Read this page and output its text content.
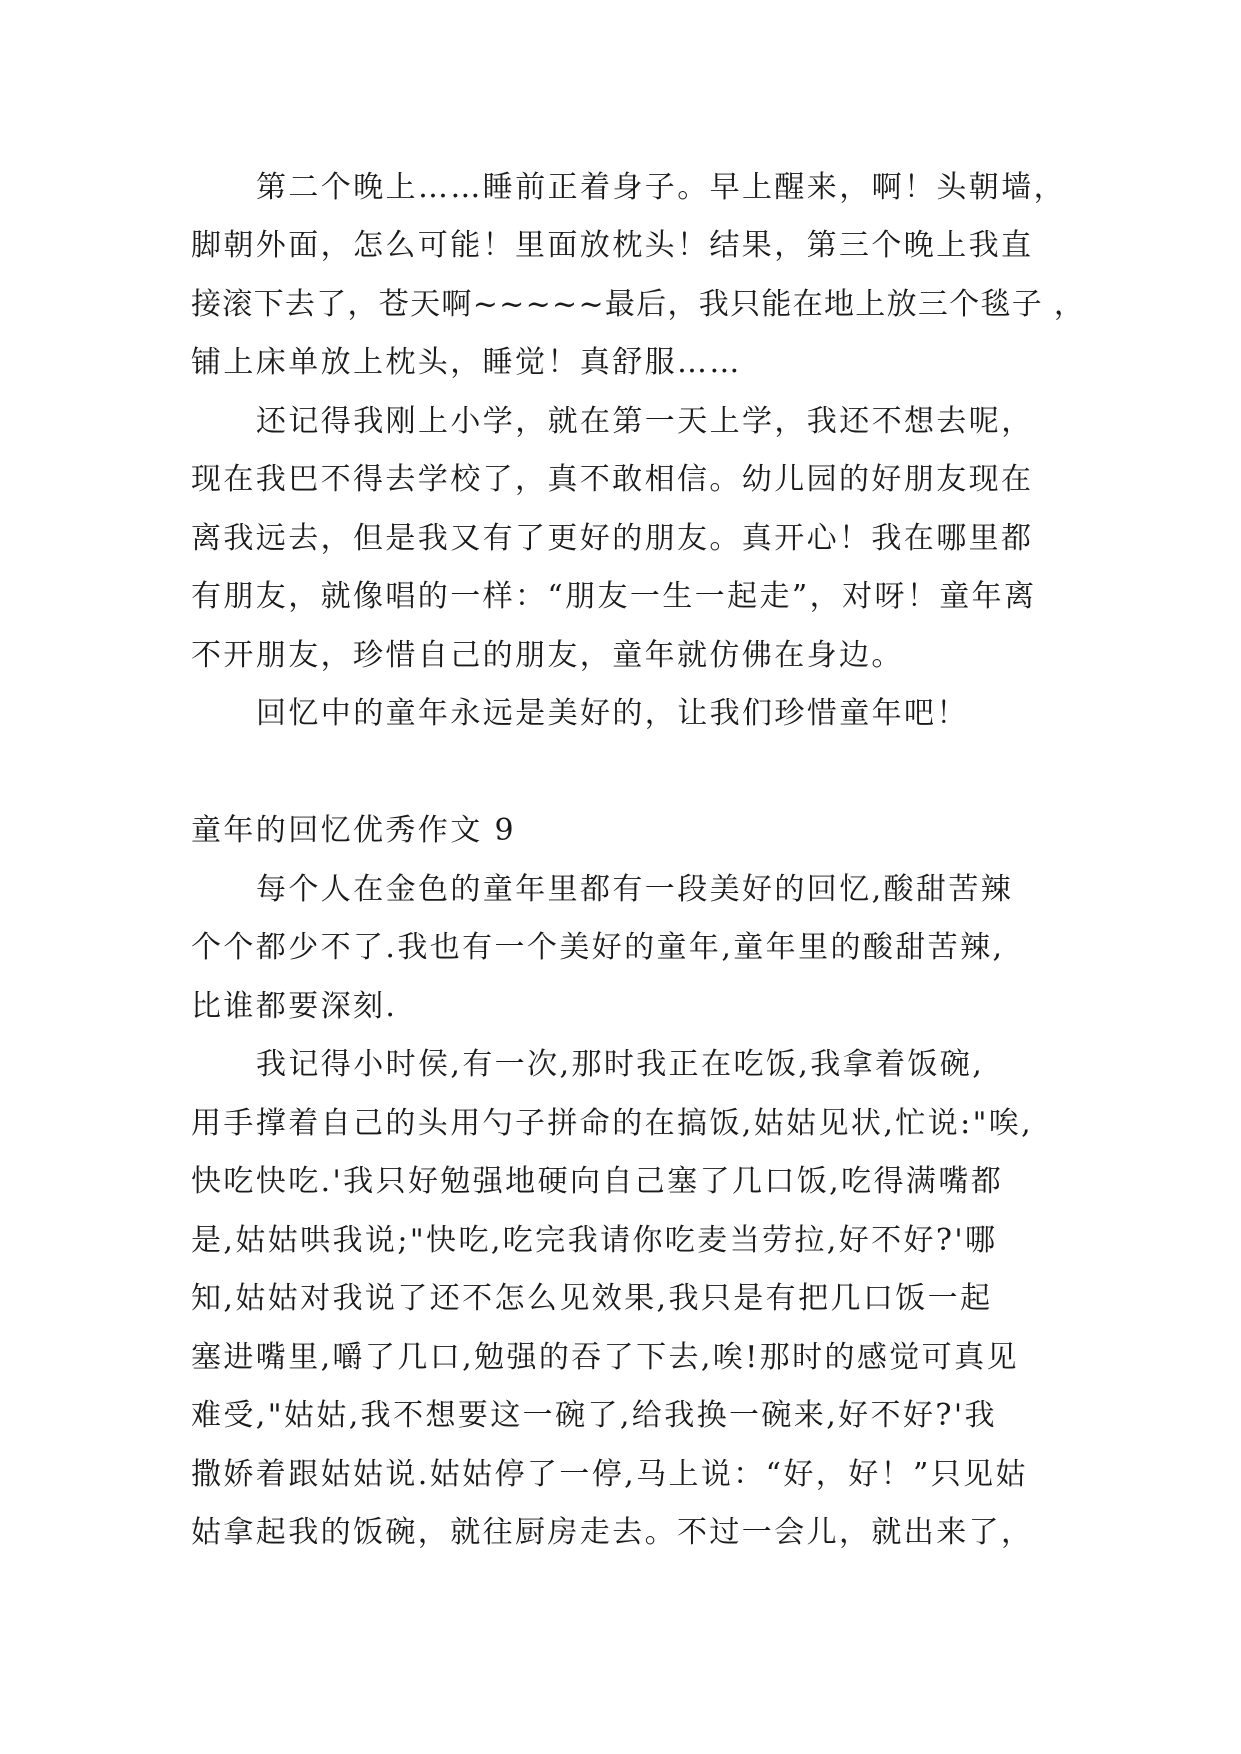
第二个晚上……睡前正着身子。早上醒来，啊！头朝墙，
脚朝外面，怎么可能！里面放枕头！结果，第三个晚上我直
接滚下去了，苍天啊~~~~~最后，我只能在地上放三个毯子 ，
铺上床单放上枕头，睡觉！真舒服……
还记得我刚上小学，就在第一天上学，我还不想去呢，
现在我巴不得去学校了，真不敢相信。幼儿园的好朋友现在
离我远去，但是我又有了更好的朋友。真开心！我在哪里都
有朋友，就像唱的一样：“朋友一生一起走”，对呀！童年离
不开朋友，珍惜自己的朋友，童年就仿佛在身边。
回忆中的童年永远是美好的，让我们珍惜童年吧！
童年的回忆优秀作文 9
每个人在金色的童年里都有一段美好的回忆,酸甜苦辣
个个都少不了.我也有一个美好的童年,童年里的酸甜苦辣,
比谁都要深刻.
我记得小时侯,有一次,那时我正在吃饭,我拿着饭碗,
用手撑着自己的头用勺子拼命的在搞饭,姑姑见状,忙说:"唉,
快吃快吃.'我只好勉强地硬向自己塞了几口饭,吃得满嘴都
是,姑姑哄我说;"快吃,吃完我请你吃麦当劳拉,好不好?'哪
知,姑姑对我说了还不怎么见效果,我只是有把几口饭一起
塞进嘴里,嚼了几口,勉强的吞了下去,唉!那时的感觉可真见
难受,"姑姑,我不想要这一碗了,给我换一碗来,好不好?'我
撒娇着跟姑姑说.姑姑停了一停,马上说：“好，好！”只见姑
姑拿起我的饭碗，就往厨房走去。不过一会儿，就出来了，
